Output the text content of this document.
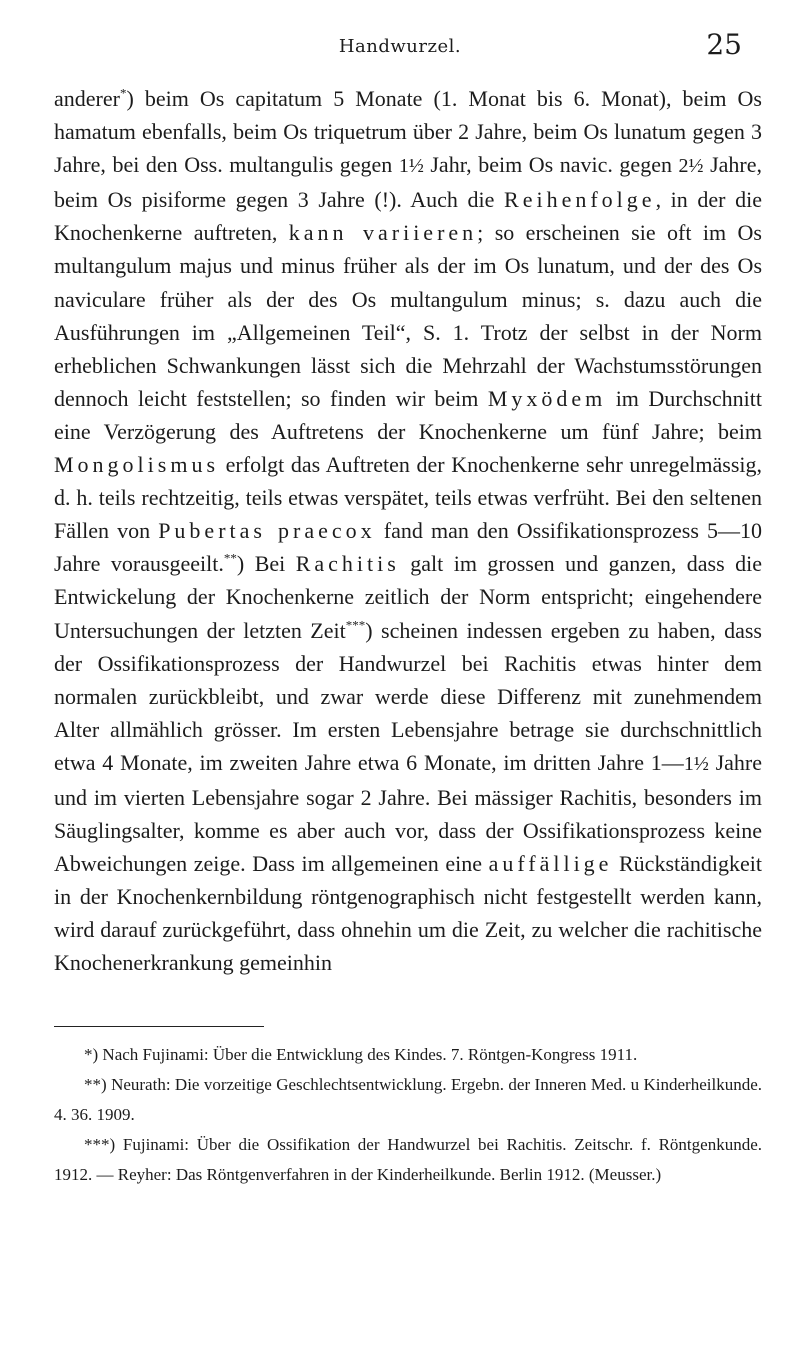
Handwurzel.	25

anderer*) beim Os capitatum 5 Monate (1. Monat bis 6. Monat), beim Os hamatum ebenfalls, beim Os triquetrum über 2 Jahre, beim Os lunatum gegen 3 Jahre, bei den Oss. multangulis gegen 1½ Jahr, beim Os navic. gegen 2½ Jahre, beim Os pisiforme gegen 3 Jahre (!). Auch die Reihenfolge, in der die Knochenkerne auftreten, kann variieren; so erscheinen sie oft im Os multangulum majus und minus früher als der im Os lunatum, und der des Os naviculare früher als der des Os multangulum minus; s. dazu auch die Ausführungen im „Allgemeinen Teil“, S. 1. Trotz der selbst in der Norm erheblichen Schwankungen lässt sich die Mehrzahl der Wachstumsstörungen dennoch leicht feststellen; so finden wir beim Myxödem im Durchschnitt eine Verzögerung des Auftretens der Knochenkerne um fünf Jahre; beim Mongolismus erfolgt das Auftreten der Knochenkerne sehr unregelmässig, d. h. teils rechtzeitig, teils etwas verspätet, teils etwas verfrüht. Bei den seltenen Fällen von Pubertas praecox fand man den Ossifikationsprozess 5—10 Jahre vorausgeeilt.**) Bei Rachitis galt im grossen und ganzen, dass die Entwickelung der Knochenkerne zeitlich der Norm entspricht; eingehendere Untersuchungen der letzten Zeit***) scheinen indessen ergeben zu haben, dass der Ossifikationsprozess der Handwurzel bei Rachitis etwas hinter dem normalen zurückbleibt, und zwar werde diese Differenz mit zunehmendem Alter allmählich grösser. Im ersten Lebensjahre betrage sie durchschnittlich etwa 4 Monate, im zweiten Jahre etwa 6 Monate, im dritten Jahre 1—1½ Jahre und im vierten Lebensjahre sogar 2 Jahre. Bei mässiger Rachitis, besonders im Säuglingsalter, komme es aber auch vor, dass der Ossifikationsprozess keine Abweichungen zeige. Dass im allgemeinen eine auffällige Rückständigkeit in der Knochenkernbildung röntgenographisch nicht festgestellt werden kann, wird darauf zurückgeführt, dass ohnehin um die Zeit, zu welcher die rachitische Knochenerkrankung gemeinhin

*) Nach Fujinami: Über die Entwicklung des Kindes. 7. Röntgen-Kongress 1911.

**) Neurath: Die vorzeitige Geschlechtsentwicklung. Ergebn. der Inneren Med. u Kinderheilkunde. 4. 36. 1909.

***) Fujinami: Über die Ossifikation der Handwurzel bei Rachitis. Zeitschr. f. Röntgenkunde. 1912. — Reyher: Das Röntgenverfahren in der Kinderheilkunde. Berlin 1912. (Meusser.)
